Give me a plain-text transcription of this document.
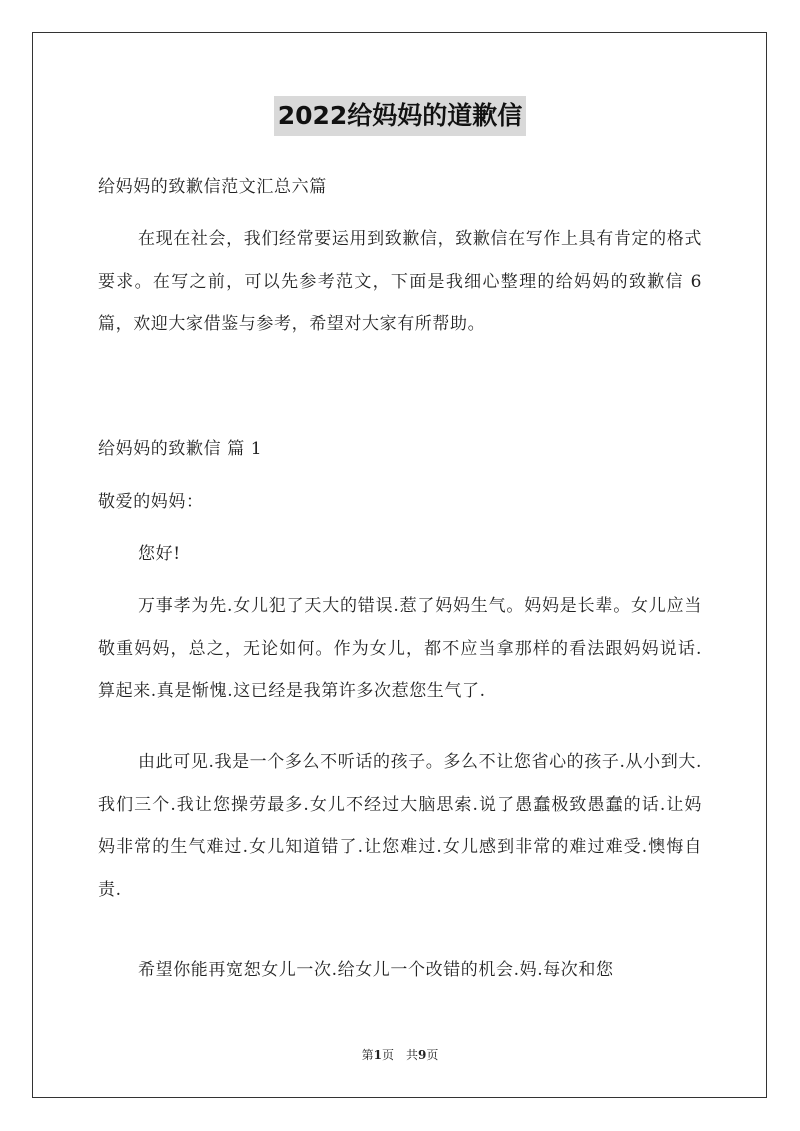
2022给妈妈的道歉信
给妈妈的致歉信范文汇总六篇
在现在社会，我们经常要运用到致歉信，致歉信在写作上具有肯定的格式要求。在写之前，可以先参考范文，下面是我细心整理的给妈妈的致歉信 6 篇，欢迎大家借鉴与参考，希望对大家有所帮助。
给妈妈的致歉信 篇 1
敬爱的妈妈：
您好!
万事孝为先.女儿犯了天大的错误.惹了妈妈生气。妈妈是长辈。女儿应当敬重妈妈，总之，无论如何。作为女儿，都不应当拿那样的看法跟妈妈说话.算起来.真是惭愧.这已经是我第许多次惹您生气了.
由此可见.我是一个多么不听话的孩子。多么不让您省心的孩子.从小到大.我们三个.我让您操劳最多.女儿不经过大脑思索.说了愚蠢极致愚蠢的话.让妈妈非常的生气难过.女儿知道错了.让您难过.女儿感到非常的难过难受.懊悔自责.
希望你能再宽恕女儿一次.给女儿一个改错的机会.妈.每次和您
第1页　共9页
